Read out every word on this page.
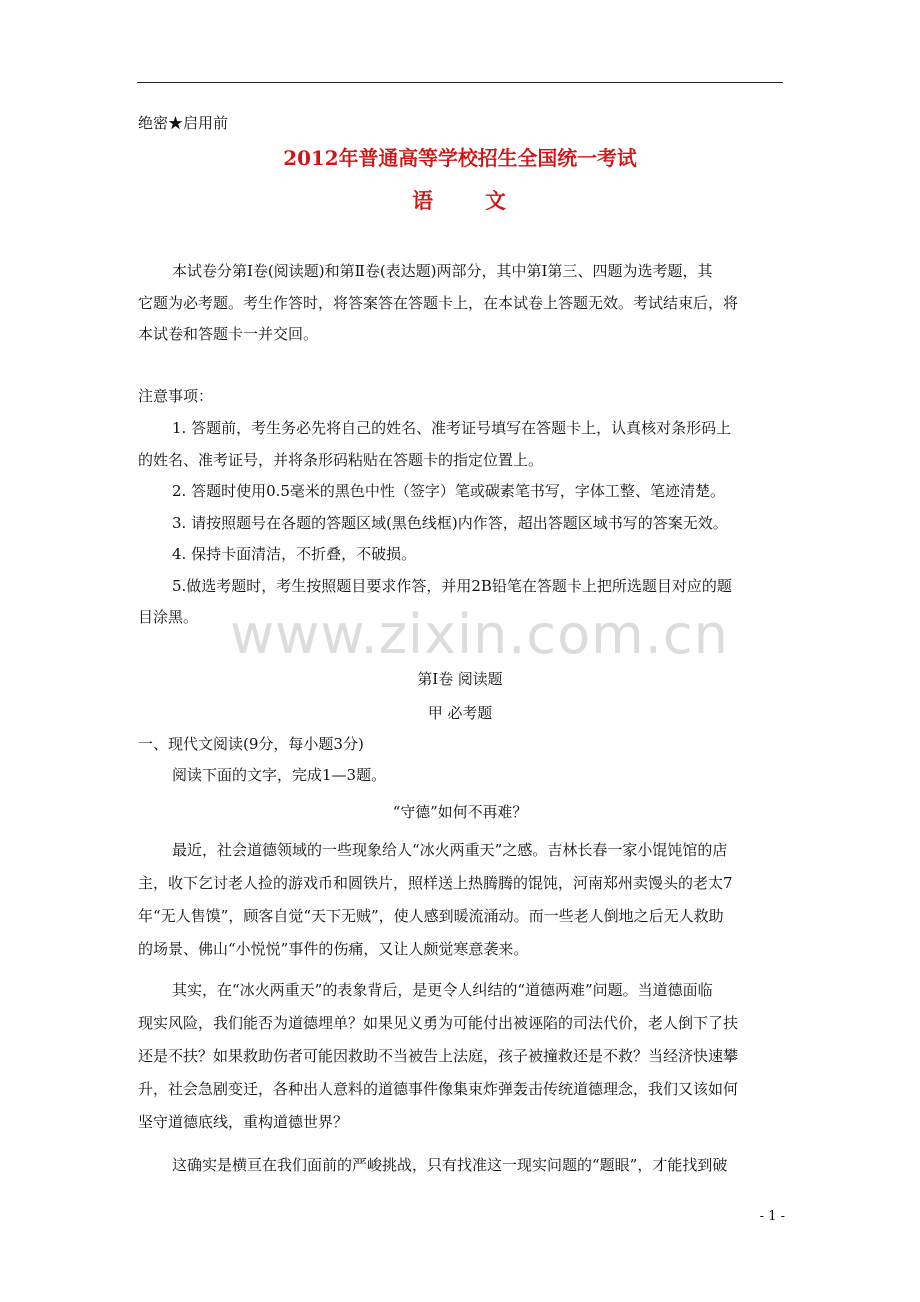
绝密★启用前
2012年普通高等学校招生全国统一考试
语 文
本试卷分第Ⅰ卷(阅读题)和第Ⅱ卷(表达题)两部分，其中第Ⅰ第三、四题为选考题，其
它题为必考题。考生作答时，将答案答在答题卡上，在本试卷上答题无效。考试结束后，将
本试卷和答题卡一并交回。
注意事项：
1. 答题前，考生务必先将自己的姓名、准考证号填写在答题卡上，认真核对条形码上
的姓名、准考证号，并将条形码粘贴在答题卡的指定位置上。
2. 答题时使用0.5毫米的黑色中性（签字）笔或碳素笔书写，字体工整、笔迹清楚。
3. 请按照题号在各题的答题区域(黑色线框)内作答，超出答题区域书写的答案无效。
4. 保持卡面清洁，不折叠，不破损。
5.做选考题时，考生按照题目要求作答，并用2B铅笔在答题卡上把所选题目对应的题
目涂黑。 www.zixin.com.cn
第Ⅰ卷 阅读题
甲 必考题
一、现代文阅读(9分，每小题3分)
阅读下面的文字，完成1—3题。
“守德”如何不再难？
最近，社会道德领域的一些现象给人“冰火两重天”之感。吉林长春一家小馄饨馆的店
主，收下乞讨老人捡的游戏币和圆铁片，照样送上热腾腾的馄饨，河南郑州卖馒头的老太7
年“无人售馍”，顾客自觉“天下无贼”，使人感到暖流涌动。而一些老人倒地之后无人救助
的场景、佛山“小悦悦”事件的伤痛，又让人颇觉寒意袭来。
其实，在“冰火两重天”的表象背后，是更令人纠结的“道德两难”问题。当道德面临
现实风险，我们能否为道德埋单？如果见义勇为可能付出被诬陷的司法代价，老人倒下了扶
还是不扶？如果救助伤者可能因救助不当被告上法庭，孩子被撞救还是不救？当经济快速攀
升，社会急剧变迁，各种出人意料的道德事件像集束炸弹轰击传统道德理念，我们又该如何
坚守道德底线，重构道德世界？
这确实是横亘在我们面前的严峻挑战，只有找准这一现实问题的“题眼”，才能找到破
- 1 -
